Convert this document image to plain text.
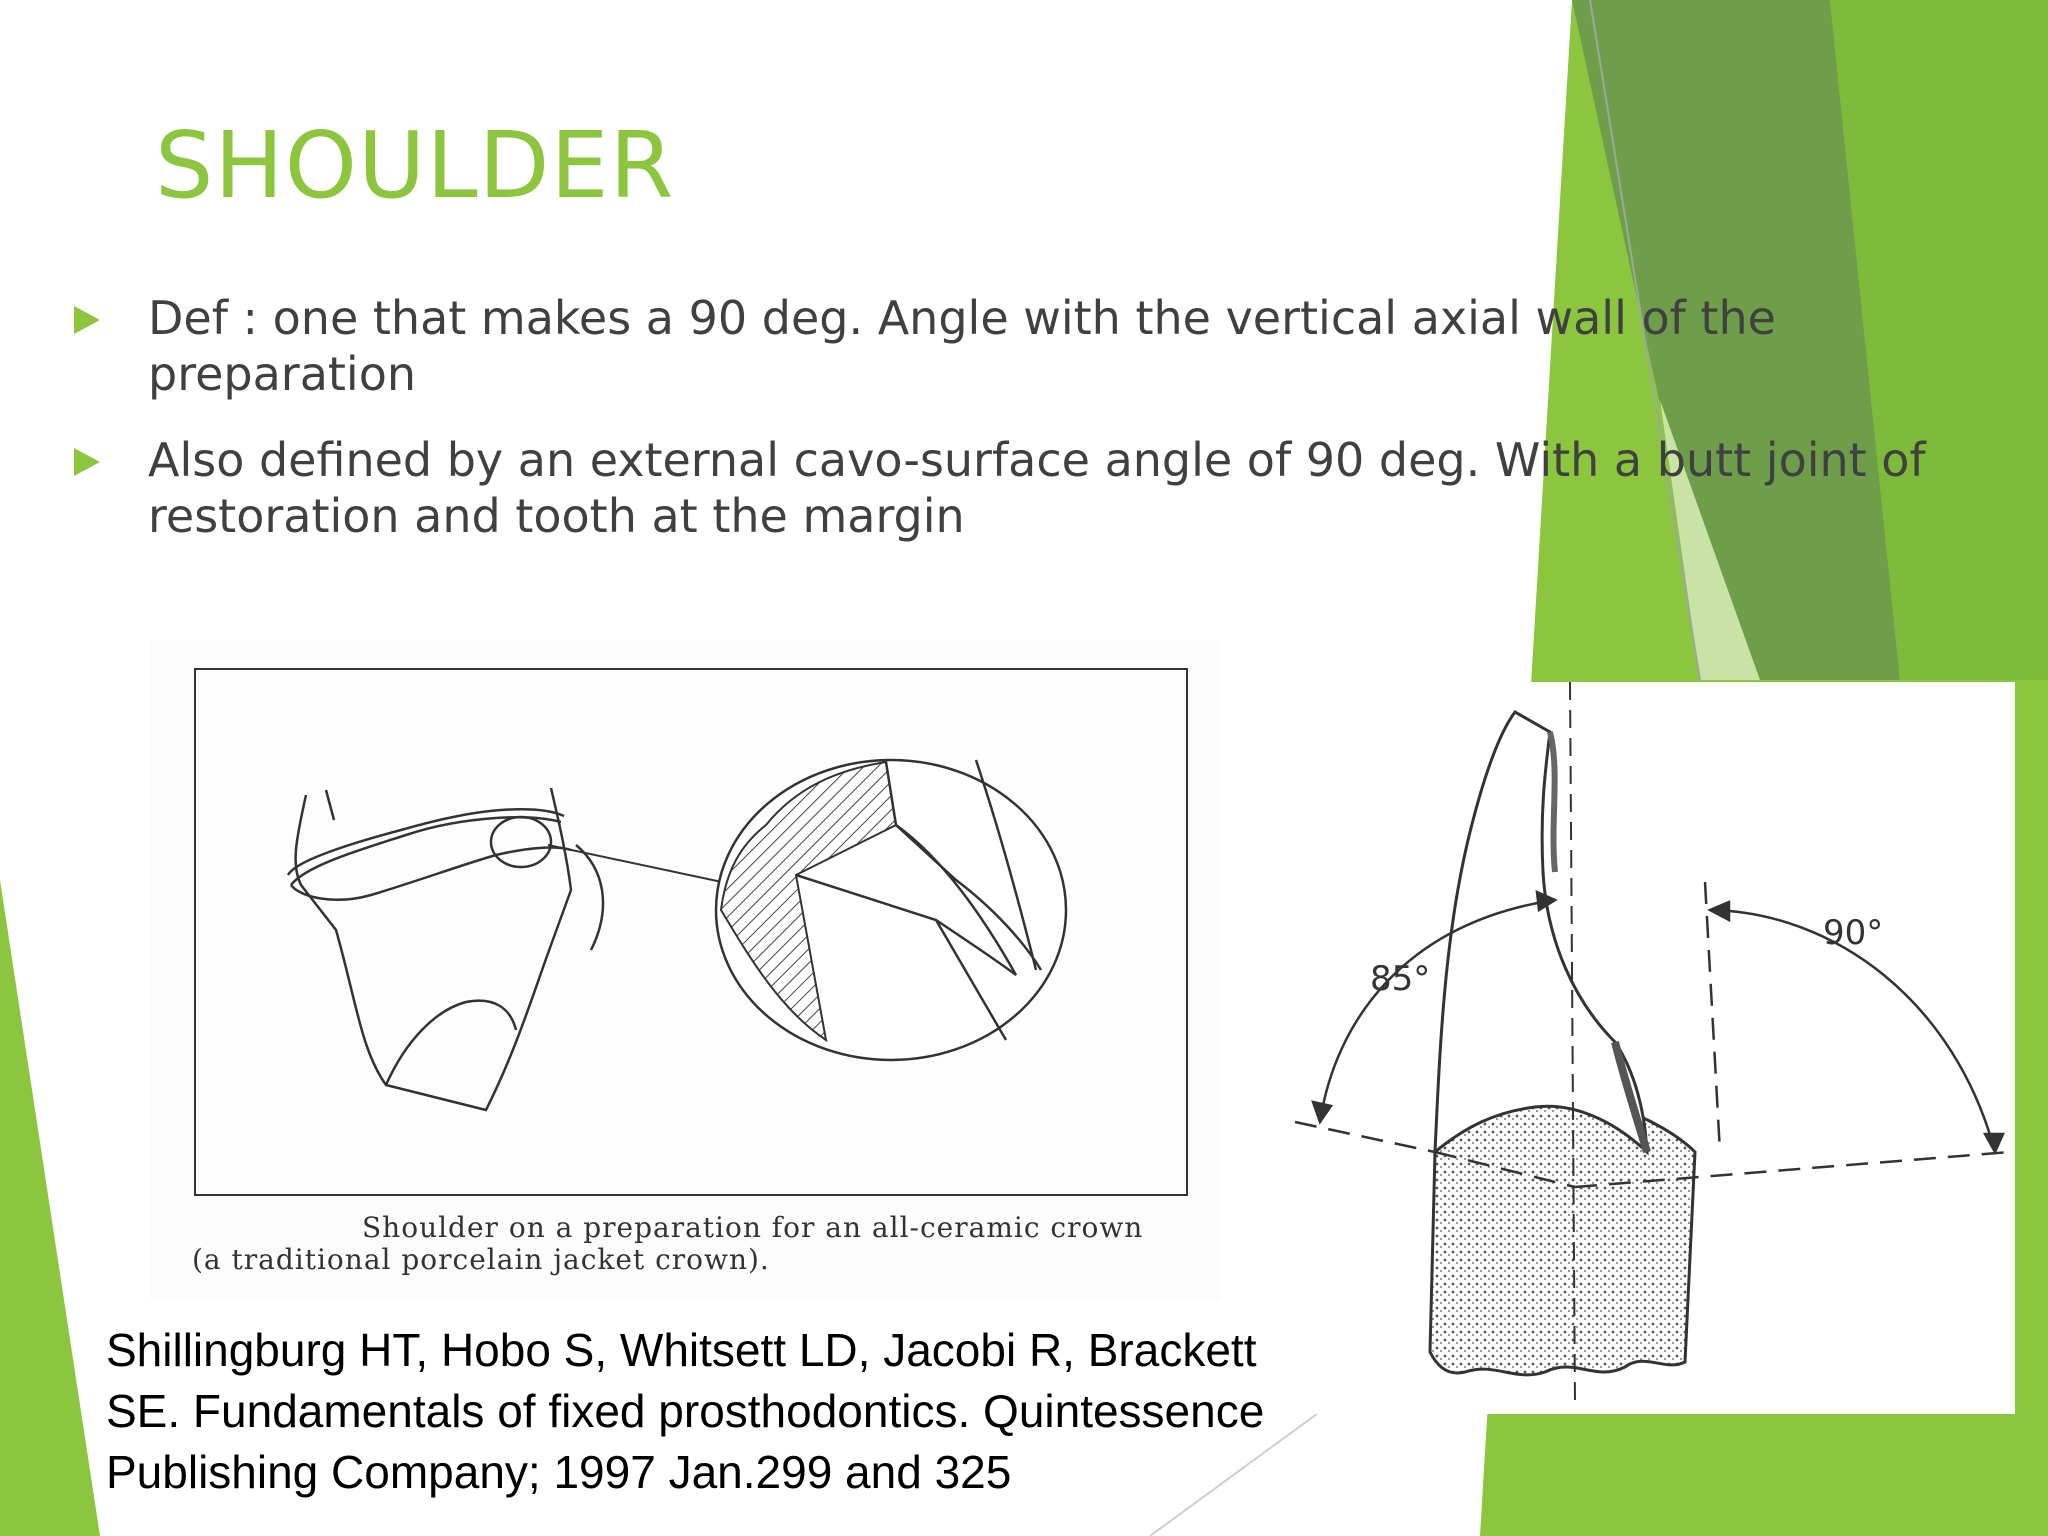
SHOULDER
Def : one that makes a 90 deg. Angle with the vertical axial wall of the preparation
Also defined by an external cavo-surface angle of 90 deg. With a butt joint of restoration and tooth at the margin
Shoulder on a preparation for an all-ceramic crown (a traditional porcelain jacket crown).
85°
90°
Shillingburg HT, Hobo S, Whitsett LD, Jacobi R, Brackett
SE. Fundamentals of fixed prosthodontics. Quintessence
Publishing Company; 1997 Jan.299 and 325
